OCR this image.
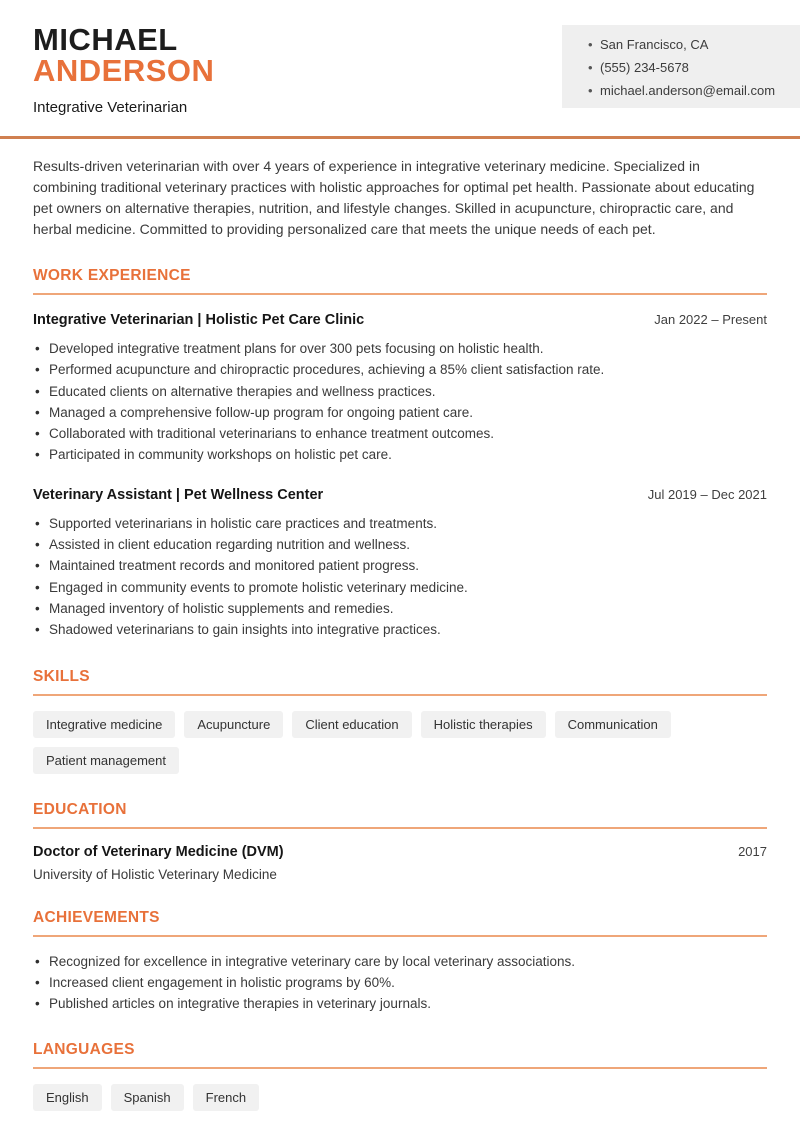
MICHAEL
ANDERSON
Integrative Veterinarian
• San Francisco, CA
• (555) 234-5678
• michael.anderson@email.com

Results-driven veterinarian with over 4 years of experience in integrative veterinary medicine. Specialized in combining traditional veterinary practices with holistic approaches for optimal pet health. Passionate about educating pet owners on alternative therapies, nutrition, and lifestyle changes. Skilled in acupuncture, chiropractic care, and herbal medicine. Committed to providing personalized care that meets the unique needs of each pet.

WORK EXPERIENCE
Integrative Veterinarian | Holistic Pet Care Clinic	Jan 2022 – Present
• Developed integrative treatment plans for over 300 pets focusing on holistic health.
• Performed acupuncture and chiropractic procedures, achieving a 85% client satisfaction rate.
• Educated clients on alternative therapies and wellness practices.
• Managed a comprehensive follow-up program for ongoing patient care.
• Collaborated with traditional veterinarians to enhance treatment outcomes.
• Participated in community workshops on holistic pet care.
Veterinary Assistant | Pet Wellness Center	Jul 2019 – Dec 2021
• Supported veterinarians in holistic care practices and treatments.
• Assisted in client education regarding nutrition and wellness.
• Maintained treatment records and monitored patient progress.
• Engaged in community events to promote holistic veterinary medicine.
• Managed inventory of holistic supplements and remedies.
• Shadowed veterinarians to gain insights into integrative practices.
SKILLS
Integrative medicine	Acupuncture	Client education	Holistic therapies	Communication
Patient management
EDUCATION
Doctor of Veterinary Medicine (DVM)	2017
University of Holistic Veterinary Medicine
ACHIEVEMENTS
• Recognized for excellence in integrative veterinary care by local veterinary associations.
• Increased client engagement in holistic programs by 60%.
• Published articles on integrative therapies in veterinary journals.
LANGUAGES
English	Spanish	French
